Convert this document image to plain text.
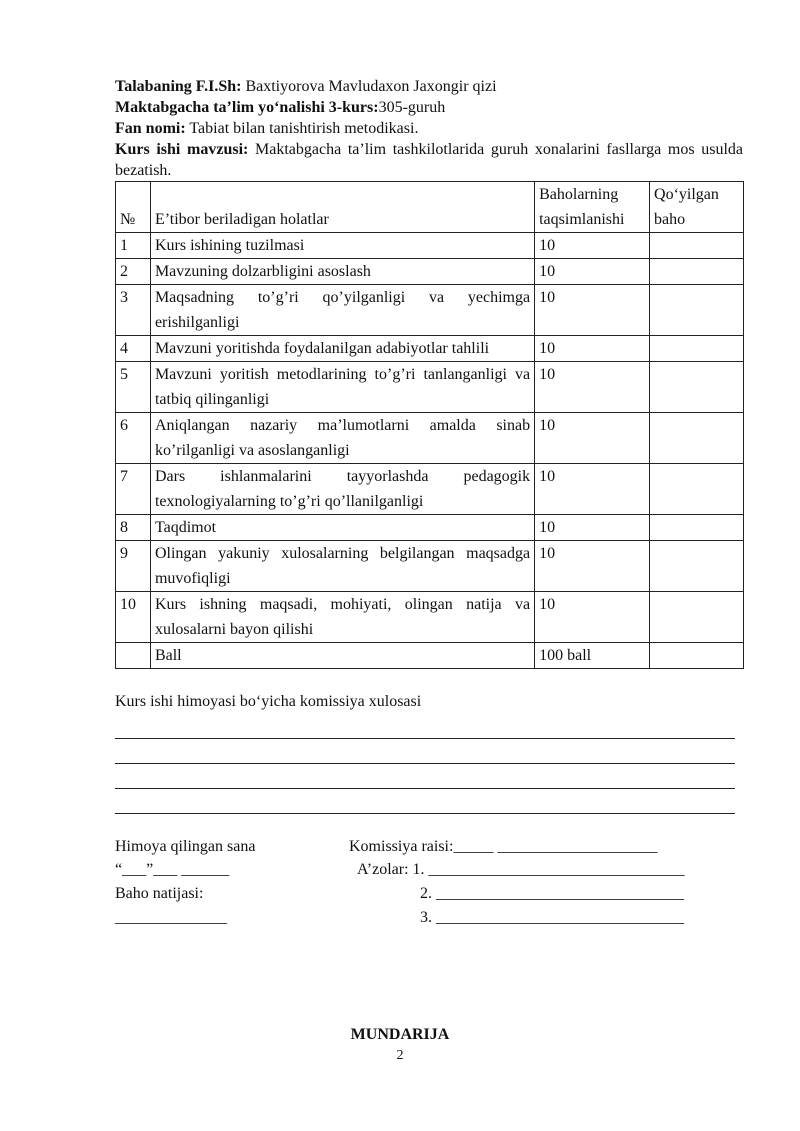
Talabaning F.I.Sh: Baxtiyorova Mavludaxon Jaxongir qizi
Maktabgacha ta’lim yo‘nalishi 3-kurs:305-guruh
Fan nomi: Tabiat bilan tanishtirish metodikasi.
Kurs ishi mavzusi: Maktabgacha ta’lim tashkilotlarida guruh xonalarini fasllarga mos usulda bezatish.
№	E’tibor beriladigan holatlar	Baholarning taqsimlanishi	Qo‘yilgan baho
1	Kurs ishining tuzilmasi	10	
2	Mavzuning dolzarbligini asoslash	10	
3	Maqsadning to’g’ri qo’yilganligi va yechimga erishilganligi	10	
4	Mavzuni yoritishda foydalanilgan adabiyotlar tahlili	10	
5	Mavzuni yoritish metodlarining to’g’ri tanlanganligi va tatbiq qilinganligi	10	
6	Aniqlangan nazariy ma’lumotlarni amalda sinab ko’rilganligi va asoslanganligi	10	
7	Dars ishlanmalarini tayyorlashda pedagogik texnologiyalarning to’g’ri qo’llanilganligi	10	
8	Taqdimot	10	
9	Olingan yakuniy xulosalarning belgilangan maqsadga muvofiqligi	10	
10	Kurs ishning maqsadi, mohiyati, olingan natija va xulosalarni bayon qilishi	10	
	Ball	100 ball	
Kurs ishi himoyasi bo‘yicha komissiya xulosasi
Himoya qilingan sana
“___”___ ______
Baho natijasi:
______________
Komissiya raisi:_____ ____________________
A’zolar: 1. ________________________________
2. _______________________________
3. _______________________________
MUNDARIJA
2
